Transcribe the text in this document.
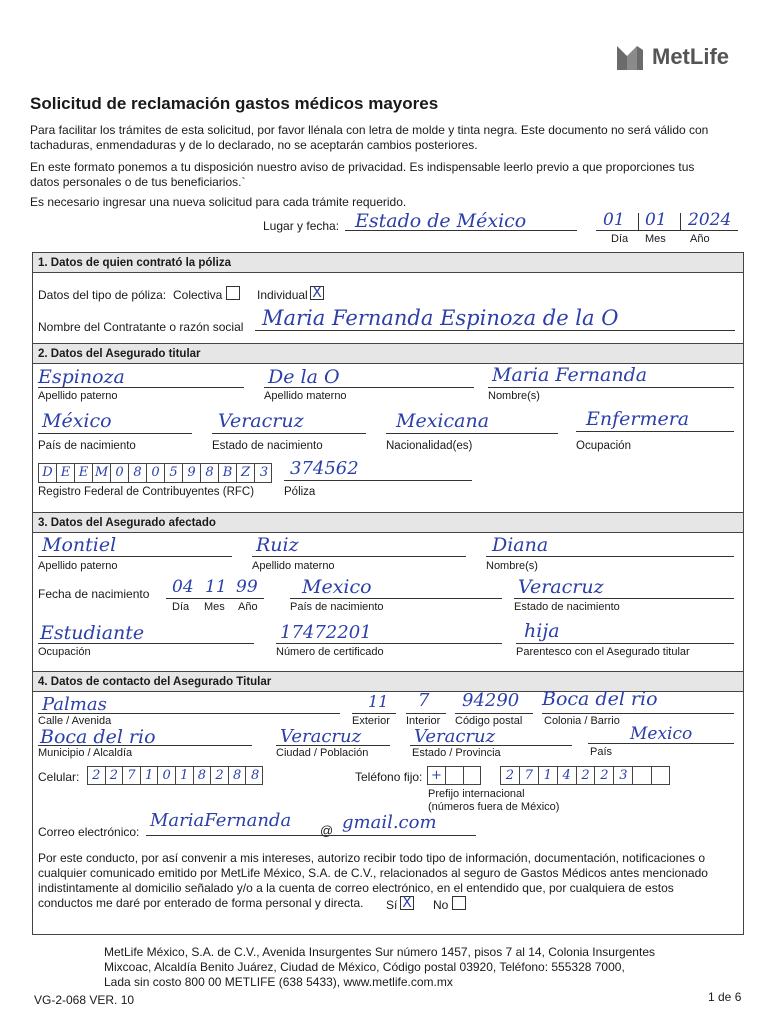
MetLife
Solicitud de reclamación gastos médicos mayores
Para facilitar los trámites de esta solicitud, por favor llénala con letra de molde y tinta negra. Este documento no será válido con tachaduras, enmendaduras y de lo declarado, no se aceptarán cambios posteriores.
En este formato ponemos a tu disposición nuestro aviso de privacidad. Es indispensable leerlo previo a que proporciones tus datos personales o de tus beneficiarios.`
Es necesario ingresar una nueva solicitud para cada trámite requerido.
Lugar y fecha: Estado de México	01 01 2024
Día Mes Año
1. Datos de quien contrató la póliza
Datos del tipo de póliza: Colectiva	Individual X
Nombre del Contratante o razón social Maria Fernanda Espinoza de la O
2. Datos del Asegurado titular
Espinoza
Apellido paterno
De la O
Apellido materno
Maria Fernanda
Nombre(s)
México
País de nacimiento
Veracruz
Estado de nacimiento
Mexicana
Nacionalidad(es)
Enfermera
Ocupación
D E E M 0 8 0 5 9 8 B Z 3
Registro Federal de Contribuyentes (RFC)
374562
Póliza
3. Datos del Asegurado afectado
Montiel
Apellido paterno
Ruiz
Apellido materno
Diana
Nombre(s)
Fecha de nacimiento 04 11 99
Día Mes Año
Mexico
País de nacimiento
Veracruz
Estado de nacimiento
Estudiante
Ocupación
17472201
Número de certificado
hija
Parentesco con el Asegurado titular
4. Datos de contacto del Asegurado Titular
Palmas
Calle / Avenida
11
Exterior
7
Interior
94290
Código postal
Boca del rio
Colonia / Barrio
Boca del rio
Municipio / Alcaldía
Veracruz
Ciudad / Población
Veracruz
Estado / Provincia
Mexico
País
Celular: 2 2 7 1 0 1 8 2 8 8	Teléfono fijo: +	2 7 1 4 2 2 3
Prefijo internacional
(números fuera de México)
Correo electrónico:
MariaFernanda @ gmail.com
Por este conducto, por así convenir a mis intereses, autorizo recibir todo tipo de información, documentación, notificaciones o cualquier comunicado emitido por MetLife México, S.A. de C.V., relacionados al seguro de Gastos Médicos antes mencionado indistintamente al domicilio señalado y/o a la cuenta de correo electrónico, en el entendido que, por cualquiera de estos conductos me daré por enterado de forma personal y directa.	Sí X No
MetLife México, S.A. de C.V., Avenida Insurgentes Sur número 1457, pisos 7 al 14, Colonia Insurgentes
Mixcoac, Alcaldía Benito Juárez, Ciudad de México, Código postal 03920, Teléfono: 555328 7000,
Lada sin costo 800 00 METLIFE (638 5433), www.metlife.com.mx
VG-2-068 VER. 10	1 de 6
